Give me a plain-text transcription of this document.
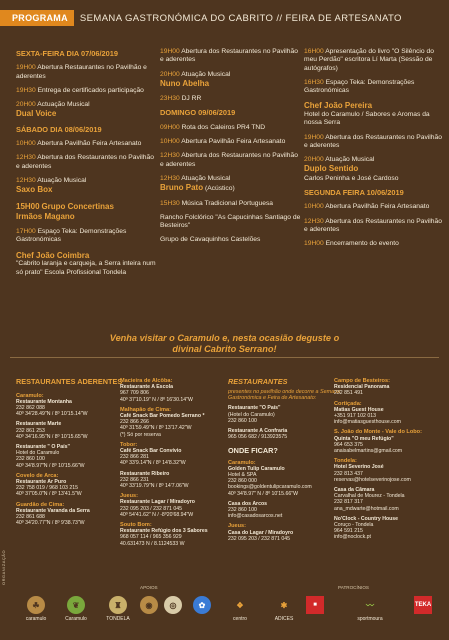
PROGRAMA	SEMANA GASTRONÓMICA DO CABRITO // FEIRA DE ARTESANATO
SEXTA-FEIRA DIA 07/06/2019
19H00 Abertura Restaurantes no Pavilhão e aderentes
19H30 Entrega de certificados participação
20H00 Actuação Musical
Dual Voice
SÁBADO DIA 08/06/2019
10H00 Abertura Pavilhão Feira Artesanato
12H30 Abertura dos Restaurantes no Pavilhão e aderentes
12H30 Atuação Musical
Saxo Box
15H00 Grupo Concertinas
Irmãos Magano
17H00 Espaço Teka: Demonstrações Gastronómicas
Chef João Coimbra
"Cabrito laranja e carqueja, a Serra inteira num só prato" Escola Profissional Tondela
19H00 Abertura dos Restaurantes no Pavilhão e aderentes
20H00 Atuação Musical
Nuno Abelha
23H30 DJ RR
DOMINGO 09/06/2019
09H00 Rota dos Caleiros PR4 TND
10H00 Abertura Pavilhão Feira Artesanato
12H30 Abertura dos Restaurantes no Pavilhão e aderentes
12H30 Atuação Musical
Bruno Pato (Acústico)
15H30 Música Tradicional Portuguesa
Rancho Folclórico "As Capucinhas Santiago de Besteiros"
Grupo de Cavaquinhos Castelões
16H00 Apresentação do livro "O Silêncio do meu Perdão" escritora Lí Marta (Sessão de autógrafos)
16H30 Espaço Teka: Demonstrações Gastronómicas
Chef João Pereira
Hotel do Caramulo / Sabores e Aromas da nossa Serra
19H00 Abertura dos Restaurantes no Pavilhão e aderentes
20H00 Atuação Musical
Duplo Sentido
Carlos Peninha e José Cardoso
SEGUNDA FEIRA 10/06/2019
10H00 Abertura Pavilhão Feira Artesanato
12H30 Abertura dos Restaurantes no Pavilhão e aderentes
19H00 Encerramento do evento
Venha visitar o Caramulo e, nesta ocasião deguste o
divinal Cabrito Serrano!
RESTAURANTES ADERENTES
Caramulo:
Restaurante Montanha
232 862 088
40º 34'28.49"N / 8º 10'15.14"W
Restaurante Marte
232 861 253
40º 34'16.95"N / 8º 10'15.65"W
Restaurante " O País"
Hotel do Caramulo
232 860 100
40º 34'8.97"N / 8º 10'15.66"W
Covelo de Arca:
Restaurante Ar Puro
232 758 019 / 968 103 215
40º 37'05.0"N / 8º 13'41.5"W
Guardão de Cima:
Restaurante Varanda da Serra
232 861 688
40º 34'20.77"N / 8º 9'38.73"W
Macieira de Alcôba:
Restaurante A Escola
967 709 806
40º 37'10.19" N / 8º 16'30.14"W
Malhapão de Cima:
Café Snack Bar Pomedo Serrano *
232 866 266
40º 31'59.49"N / 8º 13'17.42"W
(*) Só por reserva
Tobor:
Café Snack Bar Convívio
232 866 281
40º 33'9.14"N / 8º 14'8.32"W
Restaurante Ribeiro
232 866 231
40º 33'19.79"N / 8º 14'7.06"W
Jueus:
Restaurante Lagar / Miradoyro
232 095 203 / 232 871 045
40º 54'41.62" N / -8º20'68.94"W
Souto Bom:
Restaurante Refúgio dos 3 Sabores
968 057 114 / 965 356 929
40.631473 N / 8.1124533 W
RESTAURANTES
presentes no pavilhão onde decorre a Semana Gastronómica e Feira de Artesanato:
Restaurante "O País"
(Hotel do Caramulo)
232 860 100
Restaurante A Confraria
965 056 682 / 913923575
ONDE FICAR?
Caramulo:
Golden Tulip Caramulo
Hotel & SPA
232 860 000
bookings@goldentulipcaramulo.com
40º 34'8.97" N / 8º 10'15.66"W
Casa dos Arcos
232 860 100
info@casadosarcos.net
Jueus:
Casa do Lagar / Miradoyro
232 095 203 / 232 871 045
Campo de Besteiros:
Residencial Panorama
232 851 491
Cortiçada:
Matias Guest House
+351 917 102 013
info@matiasguesthouse.com
S. João do Monte - Vale do Lobo:
Quinta "O meu Refúgio"
964 653 375
anaisabelmartins@gmail.com
Tondela:
Hotel Severino José
232 813 437
reservas@hotelseverinojose.com
Casa da Câmara
Carvalhal de Mourez - Tondela
232 817 317
ana_mdwarte@hotmail.com
No'Clock - Country House
Coruço - Tondela
964 591 215
info@noclock.pt
ORGANIZAÇÃO
APOIOS	PATROCÍNIOS
☘
caramulo
❦
Caramulo
♜
TONDELA
◉	◎	✿	❖
centro
✱
ADICES
■	〰
sportmoura
TEKA
